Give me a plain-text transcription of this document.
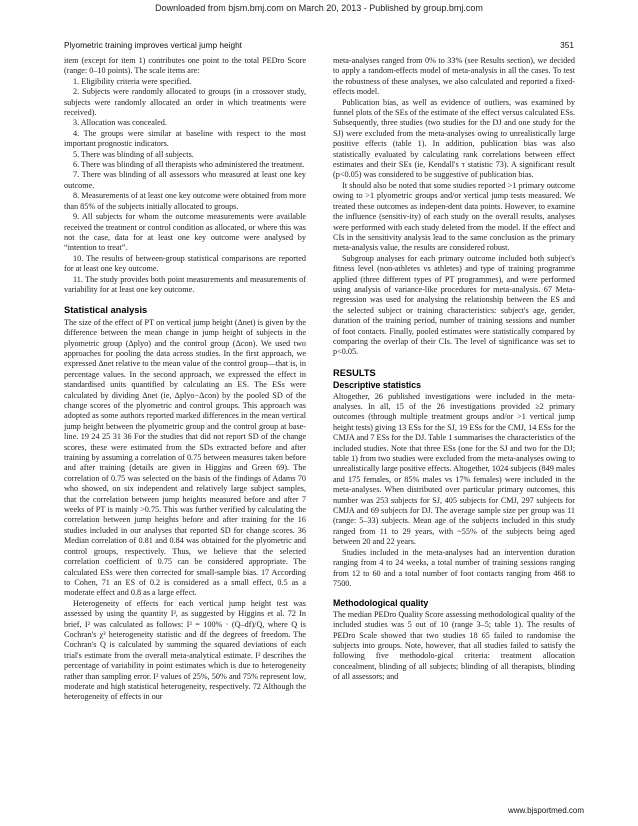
Downloaded from bjsm.bmj.com on March 20, 2013 - Published by group.bmj.com
Plyometric training improves vertical jump height	351

item (except for item 1) contributes one point to the total PEDro Score (range: 0–10 points). The scale items are:

1. Eligibility criteria were specified.

2. Subjects were randomly allocated to groups (in a crossover study, subjects were randomly allocated an order in which treatments were received).

3. Allocation was concealed.

4. The groups were similar at baseline with respect to the most important prognostic indicators.

5. There was blinding of all subjects.

6. There was blinding of all therapists who administered the treatment.

7. There was blinding of all assessors who measured at least one key outcome.

8. Measurements of at least one key outcome were obtained from more than 85% of the subjects initially allocated to groups.

9. All subjects for whom the outcome measurements were available received the treatment or control condition as allocated, or where this was not the case, data for at least one key outcome were analysed by “intention to treat”.

10. The results of between-group statistical comparisons are reported for at least one key outcome.

11. The study provides both point measurements and measurements of variability for at least one key outcome.

Statistical analysis

The size of the effect of PT on vertical jump height (Δnet) is given by the difference between the mean change in jump height of subjects in the plyometric group (Δplyo) and the control group (Δcon). We used two approaches for pooling the data across studies. In the first approach, we expressed Δnet relative to the mean value of the control group—that is, in percentage values. In the second approach, we expressed the effect in standardised units quantified by calculating an ES. The ESs were calculated by dividing Δnet (ie, Δplyo−Δcon) by the pooled SD of the change scores of the plyometric and control groups. This approach was adopted as some authors reported marked differences in the mean vertical jump height between the plyometric group and the control group at base-line. 19 24 25 31 36 For the studies that did not report SD of the change scores, these were estimated from the SDs extracted before and after training by assuming a correlation of 0.75 between measures taken before and after training (details are given in Higgins and Green 69). The correlation of 0.75 was selected on the basis of the findings of Adams 70 who showed, on six independent and relatively large subject samples, that the correlation between jump heights measured before and after 7 weeks of PT is mainly >0.75. This was further verified by calculating the correlation between jump heights before and after training for the 16 studies included in our analyses that reported SD for change scores. 36 Median correlation of 0.81 and 0.84 was obtained for the plyometric and control groups, respectively. Thus, we believe that the selected correlation coefficient of 0.75 can be considered appropriate. The calculated ESs were then corrected for small-sample bias. 17 According to Cohen, 71 an ES of 0.2 is considered as a small effect, 0.5 as a moderate effect and 0.8 as a large effect.

Heterogeneity of effects for each vertical jump height test was assessed by using the quantity I², as suggested by Higgins et al. 72 In brief, I² was calculated as follows: I² = 100% · (Q–df)/Q, where Q is Cochran's χ² heterogeneity statistic and df the degrees of freedom. The Cochran's Q is calculated by summing the squared deviations of each trial's estimate from the overall meta-analytical estimate. I² describes the percentage of variability in point estimates which is due to heterogeneity rather than sampling error. I² values of 25%, 50% and 75% represent low, moderate and high statistical heterogeneity, respectively. 72 Although the heterogeneity of effects in our

meta-analyses ranged from 0% to 33% (see Results section), we decided to apply a random-effects model of meta-analysis in all the cases. To test the robustness of these analyses, we also calculated and reported a fixed-effects model.

Publication bias, as well as evidence of outliers, was examined by funnel plots of the SEs of the estimate of the effect versus calculated ESs. Subsequently, three studies (two studies for the DJ and one study for the SJ) were excluded from the meta-analyses owing to unrealistically large positive effects (table 1). In addition, publication bias was also statistically evaluated by calculating rank correlations between effect estimates and their SEs (ie, Kendall's τ statistic 73). A significant result (p<0.05) was considered to be suggestive of publication bias.

It should also be noted that some studies reported >1 primary outcome owing to >1 plyometric groups and/or vertical jump tests measured. We treated these outcomes as indepen-dent data points. However, to examine the influence (sensitiv-ity) of each study on the overall results, analyses were performed with each study deleted from the model. If the effect and CIs in the sensitivity analysis lead to the same conclusion as the primary meta-analysis value, the results are considered robust.

Subgroup analyses for each primary outcome included both subject's fitness level (non-athletes vs athletes) and type of training programme applied (three different types of PT programmes), and were performed using analysis of variance-like procedures for meta-analysis. 67 Meta-regression was used for analysing the relationship between the ES and the selected subject or training characteristics: subject's age, gender, duration of the training period, number of training sessions and number of foot contacts. Finally, pooled estimates were statistically compared by comparing the overlap of their CIs. The level of significance was set to p<0.05.

RESULTS
Descriptive statistics

Altogether, 26 published investigations were included in the meta-analyses. In all, 15 of the 26 investigations provided ≥2 primary outcomes (through multiple treatment groups and/or >1 vertical jump height tests) giving 13 ESs for the SJ, 19 ESs for the CMJ, 14 ESs for the CMJA and 7 ESs for the DJ. Table 1 summarises the characteristics of the included studies. Note that three ESs (one for the SJ and two for the DJ; table 1) from two studies were excluded from the meta-analyses owing to unrealistically large positive effects. Altogether, 1024 subjects (849 males and 175 females, or 85% males vs 17% females) were included in the meta-analyses. When distributed over particular primary outcomes, this number was 253 subjects for SJ, 405 subjects for CMJ, 297 subjects for CMJA and 69 subjects for DJ. The average sample size per group was 11 (range: 5–33) subjects. Mean age of the subjects included in this study ranged from 11 to 29 years, with ~55% of the subjects being aged between 20 and 22 years.

Studies included in the meta-analyses had an intervention duration ranging from 4 to 24 weeks, a total number of training sessions ranging from 12 to 60 and a total number of foot contacts ranging from 468 to 7500.

Methodological quality

The median PEDro Quality Score assessing methodological quality of the included studies was 5 out of 10 (range 3–5; table 1). The results of PEDro Scale showed that two studies 18 65 failed to randomise the subjects into groups. Note, however, that all studies failed to satisfy the following five methodolo-gical criteria: treatment allocation concealment, blinding of all subjects; blinding of all therapists, blinding of all assessors; and

www.bjsportmed.com
